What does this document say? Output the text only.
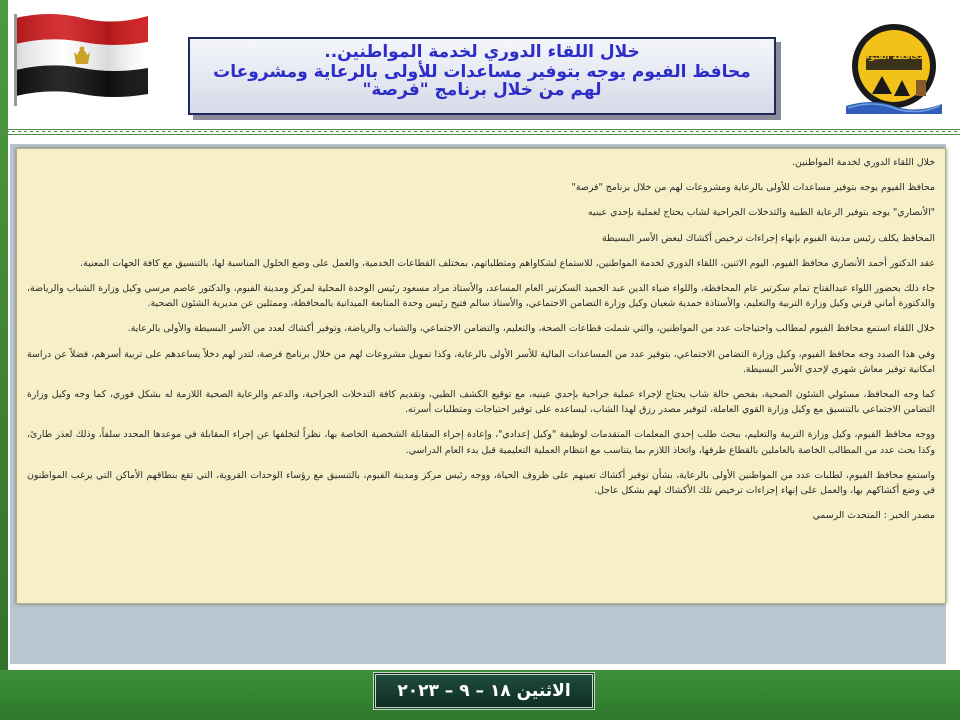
خلال اللقاء الدوري لخدمة المواطنين..
محافظ الفيوم يوجه بتوفير مساعدات للأولى بالرعاية ومشروعات لهم من خلال برنامج "فرصة"
محافظة الفيوم

خلال اللقاء الدوري لخدمة المواطنين.

محافظ الفيوم يوجه بتوفير مساعدات للأولى بالرعاية ومشروعات لهم من خلال برنامج "فرصة"

"الأنصاري" يوجه بتوفير الرعاية الطبية والتدخلات الجراحية لشاب يحتاج لعملية بإحدي عينيه

المحافظ يكلف رئيس مدينة الفيوم بإنهاء إجراءات ترخيص أكشاك لبعض الأسر البسيطة

عقد الدكتور أحمد الأنصاري محافظ الفيوم، اليوم الاثنين، اللقاء الدوري لخدمة المواطنين، للاستماع لشكاواهم ومتطلباتهم، بمختلف القطاعات الخدمية، والعمل على وضع الحلول المناسبة لها، بالتنسيق مع كافة الجهات المعنية.

جاء ذلك بحضور اللواء عبدالفتاح تمام سكرتير عام المحافظة، واللواء ضياء الدين عبد الحميد السكرتير العام المساعد، والأستاذ مراد مسعود رئيس الوحدة المحلية لمركز ومدينة الفيوم، والدكتور عاصم مرسي وكيل وزارة الشباب والرياضة، والدكتورة أماني قرني وكيل وزارة التربية والتعليم، والأستاذة حمدية شعبان وكيل وزارة التضامن الاجتماعي، والأستاذ سالم فتيح رئيس وحدة المتابعة الميدانية بالمحافظة، وممثلين عن مديرية الشئون الصحية.

خلال اللقاء استمع محافظ الفيوم لمطالب واحتياجات عدد من المواطنين، والتي شملت قطاعات الصحة، والتعليم، والتضامن الاجتماعي، والشباب والرياضة، وتوفير أكشاك لعدد من الأسر البسيطة والأولى بالرعاية.

وفي هذا الصدد وجه محافظ الفيوم، وكيل وزارة التضامن الاجتماعي، بتوفير عدد من المساعدات المالية للأسر الأولى بالرعاية، وكذا تمويل مشروعات لهم من خلال برنامج فرصة، لتدر لهم دخلاً يساعدهم على تربية أسرهم، فضلاً عن دراسة امكانية توفير معاش شهري لإحدي الأسر البسيطة.

كما وجه المحافظ، مسئولي الشئون الصحية، بفحص حالة شاب يحتاج لإجراء عملية جراحية بإحدي عينيه، مع توقيع الكشف الطبي، وتقديم كافة التدخلات الجراحية، والدعم والرعاية الصحية اللازمة له بشكل فوري، كما وجه وكيل وزارة التضامن الاجتماعي بالتنسيق مع وكيل وزارة القوي العاملة، لتوفير مصدر رزق لهذا الشاب، ليساعده على توفير احتياجات ومتطلبات أسرته.

ووجه محافظ الفيوم، وكيل وزارة التربية والتعليم، ببحث طلب إحدي المعلمات المتقدمات لوظيفة "وكيل إعدادي"، وإعادة إجراء المقابلة الشخصية الخاصة بها، نظراً لتخلفها عن إجراء المقابلة في موعدها المحدد سلفاً، وذلك لعذر طارئ، وكذا بحث عدد من المطالب الخاصة بالعاملين بالقطاع طرفها، واتخاذ اللازم بما يتناسب مع انتظام العملية التعليمية قبل بدء العام الدراسي.

واستمع محافظ الفيوم، لطلبات عدد من المواطنين الأولى بالرعاية، بشأن توفير أكشاك تعينهم على ظروف الحياة، ووجه رئيس مركز ومدينة الفيوم، بالتنسيق مع رؤساء الوحدات القروية، التي تقع بنطاقهم الأماكن التي يرغب المواطنون في وضع أكشاكهم بها، والعمل على إنهاء إجراءات ترخيص تلك الأكشاك لهم بشكل عاجل.

مصدر الخبر : المتحدث الرسمي

الاثنين ١٨ – ٩ – ٢٠٢٣
